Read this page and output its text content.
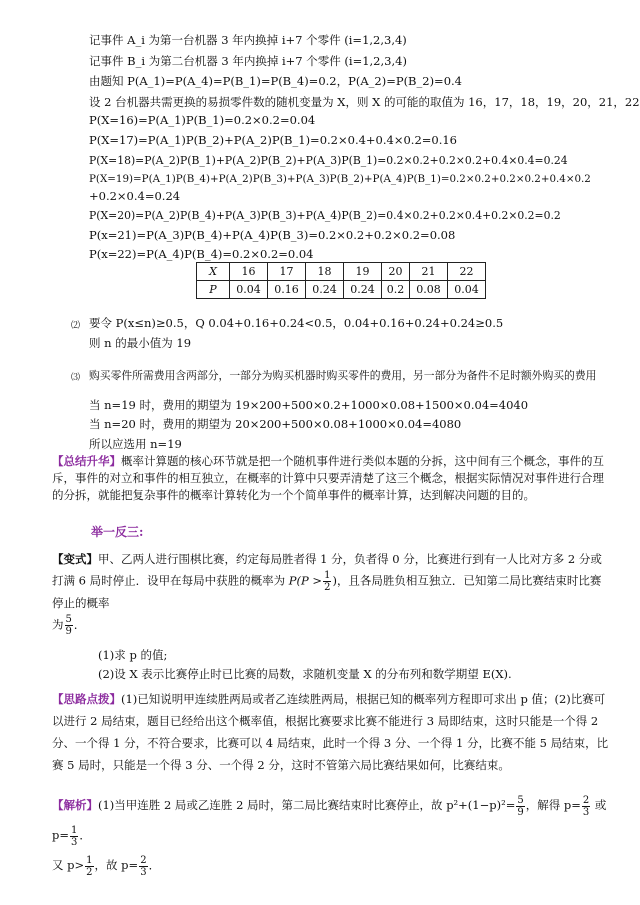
记事件 A_i 为第一台机器 3 年内换掉 i+7 个零件 (i=1,2,3,4)
记事件 B_i 为第二台机器 3 年内换掉 i+7 个零件 (i=1,2,3,4)
由题知 P(A_1)=P(A_4)=P(B_1)=P(B_4)=0.2，P(A_2)=P(B_2)=0.4
设 2 台机器共需更换的易损零件数的随机变量为 X，则 X 的可能的取值为 16，17，18，19，20，21，22
P(X=16)=P(A_1)P(B_1)=0.2×0.2=0.04
P(X=17)=P(A_1)P(B_2)+P(A_2)P(B_1)=0.2×0.4+0.4×0.2=0.16
P(X=18)=P(A_2)P(B_1)+P(A_2)P(B_2)+P(A_3)P(B_1)=0.2×0.2+0.2×0.2+0.4×0.4=0.24
P(X=19)=P(A_1)P(B_4)+P(A_2)P(B_3)+P(A_3)P(B_2)+P(A_4)P(B_1)=0.2×0.2+0.2×0.2+0.4×0.2
+0.2×0.4=0.24
P(X=20)=P(A_2)P(B_4)+P(A_3)P(B_3)+P(A_4)P(B_2)=0.4×0.2+0.2×0.4+0.2×0.2=0.2
P(x=21)=P(A_3)P(B_4)+P(A_4)P(B_3)=0.2×0.2+0.2×0.2=0.08
P(x=22)=P(A_4)P(B_4)=0.2×0.2=0.04
X	16	17	18	19	20	21	22
P	0.04	0.16	0.24	0.24	0.2	0.08	0.04
⑵ 要令 P(x≤n)≥0.5，Q 0.04+0.16+0.24<0.5，0.04+0.16+0.24+0.24≥0.5
则 n 的最小值为 19
⑶ 购买零件所需费用含两部分，一部分为购买机器时购买零件的费用，另一部分为备件不足时额外购买的费用
当 n=19 时，费用的期望为 19×200+500×0.2+1000×0.08+1500×0.04=4040
当 n=20 时，费用的期望为 20×200+500×0.08+1000×0.04=4080
所以应选用 n=19
【总结升华】概率计算题的核心环节就是把一个随机事件进行类似本题的分拆，这中间有三个概念，事件的互斥，事件的对立和事件的相互独立，在概率的计算中只要弄清楚了这三个概念，根据实际情况对事件进行合理的分拆，就能把复杂事件的概率计算转化为一个个简单事件的概率计算，达到解决问题的目的。
举一反三:
【变式】甲、乙两人进行围棋比赛，约定每局胜者得 1 分，负者得 0 分，比赛进行到有一人比对方多 2 分或打满 6 局时停止．设甲在每局中获胜的概率为 $P(P > \frac{1}{2}$ )，且各局胜负相互独立．已知第二局比赛结束时比赛停止的概率
为 $\frac{5}{9}$ ．
(1)求 p 的值;
(2)设 X 表示比赛停止时已比赛的局数，求随机变量 X 的分布列和数学期望 E(X).
【思路点拨】(1)已知说明甲连续胜两局或者乙连续胜两局，根据已知的概率列方程即可求出 p 值；(2)比赛可以进行 2 局结束，题目已经给出这个概率值，根据比赛要求比赛不能进行 3 局即结束，这时只能是一个得 2 分、一个得 1 分，不符合要求，比赛可以 4 局结束，此时一个得 3 分、一个得 1 分，比赛不能 5 局结束，比赛 5 局时，只能是一个得 3 分、一个得 2 分，这时不管第六局比赛结果如何，比赛结束。
【解析】(1)当甲连胜 2 局或乙连胜 2 局时，第二局比赛结束时比赛停止，故 $p^2+(1-p)^2= \frac{5}{9}$ ，解得 $p= \frac{2}{3}$ 或 $p= \frac{1}{3}$ ．
又 $p> \frac{1}{2}$ ，故 $p= \frac{2}{3}$ ．
